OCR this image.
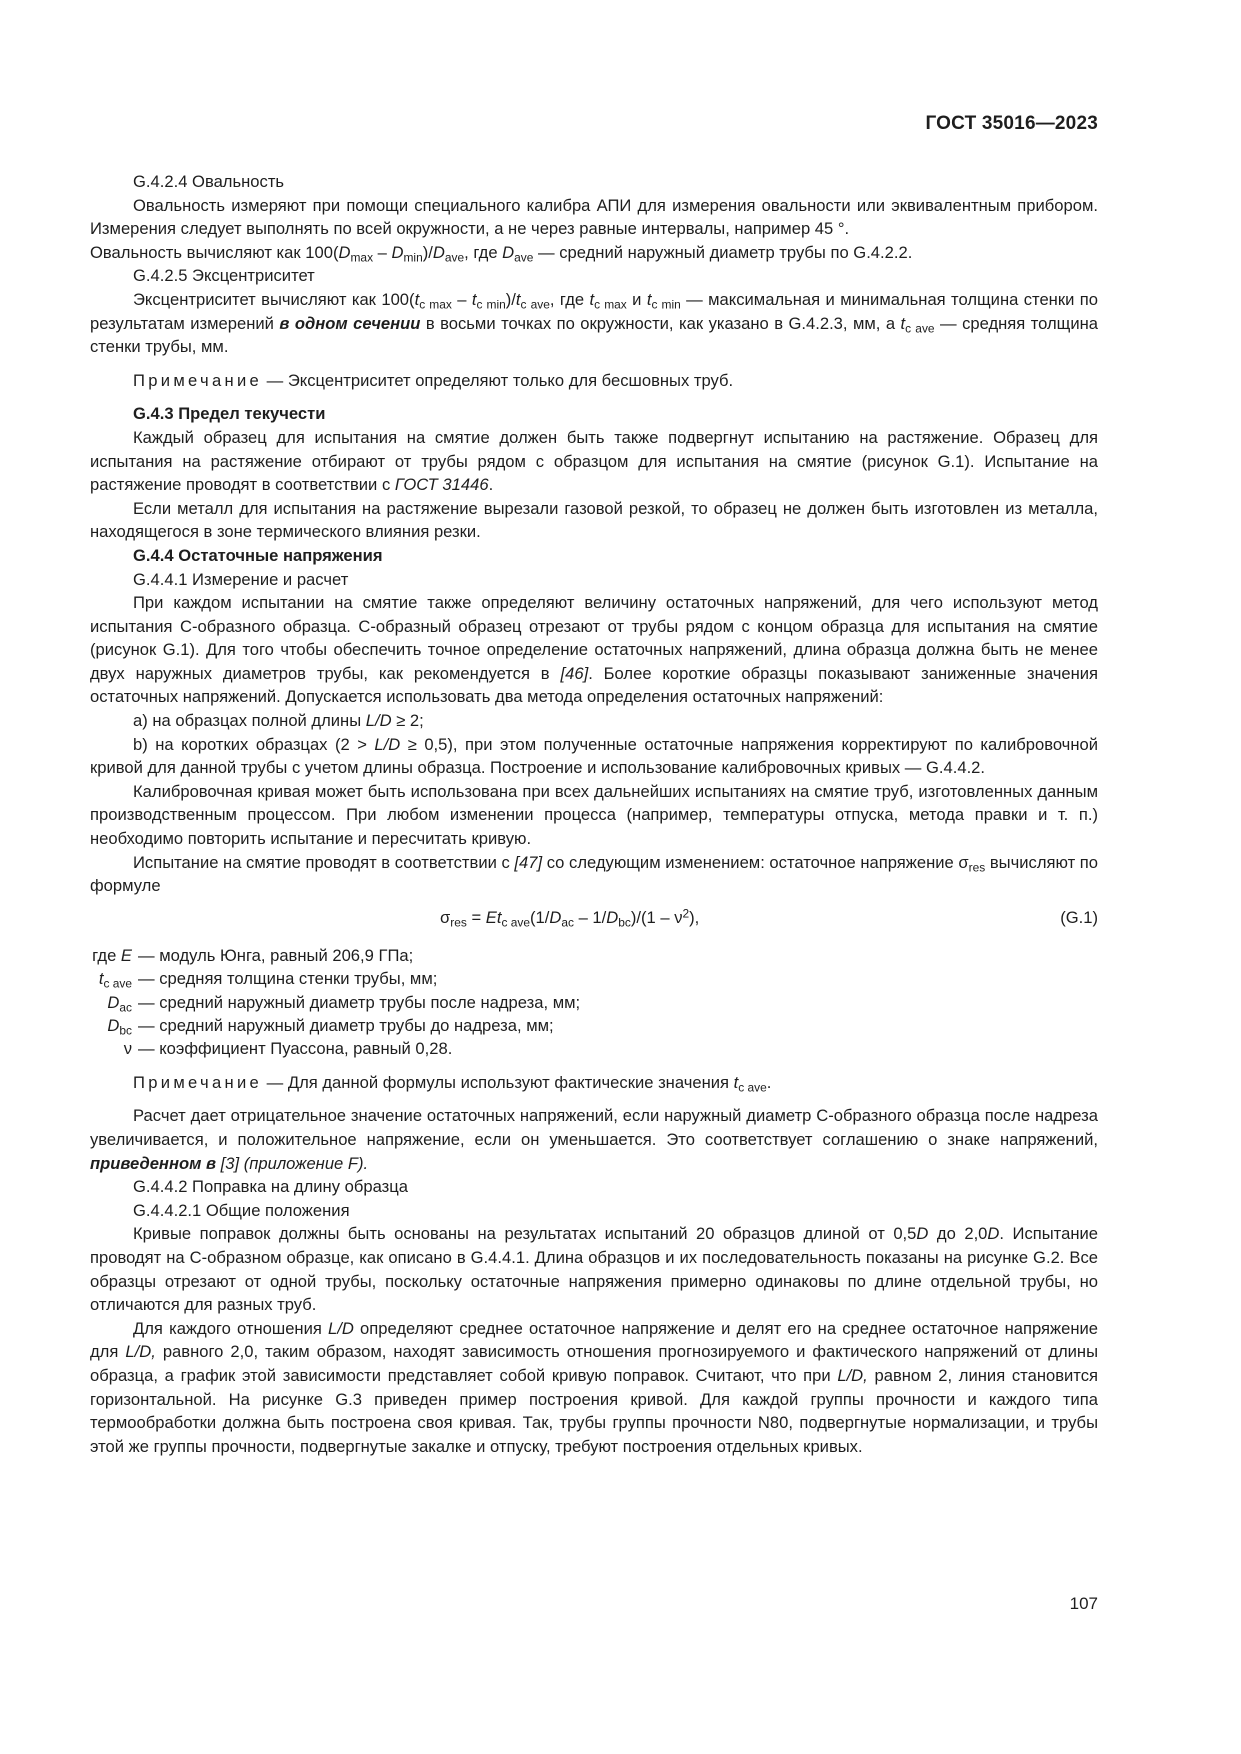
ГОСТ 35016—2023

G.4.2.4 Овальность

Овальность измеряют при помощи специального калибра АПИ для измерения овальности или эквивалентным прибором. Измерения следует выполнять по всей окружности, а не через равные интервалы, например 45 °.

Овальность вычисляют как $100(D_{max} - D_{min})/D_{ave}$, где $D_{ave}$ — средний наружный диаметр трубы по G.4.2.2.

G.4.2.5 Эксцентриситет

Эксцентриситет вычисляют как $100(t_{c max} - t_{c min})/t_{c ave}$, где $t_{c max}$ и $t_{c min}$ — максимальная и минимальная толщина стенки по результатам измерений в одном сечении в восьми точках по окружности, как указано в G.4.2.3, мм, а $t_{c ave}$ — средняя толщина стенки трубы, мм.

Примечание — Эксцентриситет определяют только для бесшовных труб.

G.4.3 Предел текучести

Каждый образец для испытания на смятие должен быть также подвергнут испытанию на растяжение. Образец для испытания на растяжение отбирают от трубы рядом с образцом для испытания на смятие (рисунок G.1). Испытание на растяжение проводят в соответствии с ГОСТ 31446.

Если металл для испытания на растяжение вырезали газовой резкой, то образец не должен быть изготовлен из металла, находящегося в зоне термического влияния резки.

G.4.4 Остаточные напряжения

G.4.4.1 Измерение и расчет

При каждом испытании на смятие также определяют величину остаточных напряжений, для чего используют метод испытания С-образного образца. С-образный образец отрезают от трубы рядом с концом образца для испытания на смятие (рисунок G.1). Для того чтобы обеспечить точное определение остаточных напряжений, длина образца должна быть не менее двух наружных диаметров трубы, как рекомендуется в [46]. Более короткие образцы показывают заниженные значения остаточных напряжений. Допускается использовать два метода определения остаточных напряжений:

a) на образцах полной длины L/D ≥ 2;

b) на коротких образцах (2 > L/D ≥ 0,5), при этом полученные остаточные напряжения корректируют по калибровочной кривой для данной трубы с учетом длины образца. Построение и использование калибровочных кривых — G.4.4.2.

Калибровочная кривая может быть использована при всех дальнейших испытаниях на смятие труб, изготовленных данным производственным процессом. При любом изменении процесса (например, температуры отпуска, метода правки и т. п.) необходимо повторить испытание и пересчитать кривую.

Испытание на смятие проводят в соответствии с [47] со следующим изменением: остаточное напряжение $\sigma_{res}$ вычисляют по формуле

$\sigma_{res} = Et_{c ave}(1/D_{ac} - 1/D_{bc})/(1 - \nu^2)$,	(G.1)
где E — модуль Юнга, равный 206,9 ГПа;
$t_{c ave}$ — средняя толщина стенки трубы, мм;
$D_{ac}$ — средний наружный диаметр трубы после надреза, мм;
$D_{bc}$ — средний наружный диаметр трубы до надреза, мм;
ν — коэффициент Пуассона, равный 0,28.

Примечание — Для данной формулы используют фактические значения $t_{c ave}$.

Расчет дает отрицательное значение остаточных напряжений, если наружный диаметр С-образного образца после надреза увеличивается, и положительное напряжение, если он уменьшается. Это соответствует соглашению о знаке напряжений, приведенном в [3] (приложение F).

G.4.4.2 Поправка на длину образца

G.4.4.2.1 Общие положения

Кривые поправок должны быть основаны на результатах испытаний 20 образцов длиной от 0,5D до 2,0D. Испытание проводят на С-образном образце, как описано в G.4.4.1. Длина образцов и их последовательность показаны на рисунке G.2. Все образцы отрезают от одной трубы, поскольку остаточные напряжения примерно одинаковы по длине отдельной трубы, но отличаются для разных труб.

Для каждого отношения L/D определяют среднее остаточное напряжение и делят его на среднее остаточное напряжение для L/D, равного 2,0, таким образом, находят зависимость отношения прогнозируемого и фактического напряжений от длины образца, а график этой зависимости представляет собой кривую поправок. Считают, что при L/D, равном 2, линия становится горизонтальной. На рисунке G.3 приведен пример построения кривой. Для каждой группы прочности и каждого типа термообработки должна быть построена своя кривая. Так, трубы группы прочности N80, подвергнутые нормализации, и трубы этой же группы прочности, подвергнутые закалке и отпуску, требуют построения отдельных кривых.

107
